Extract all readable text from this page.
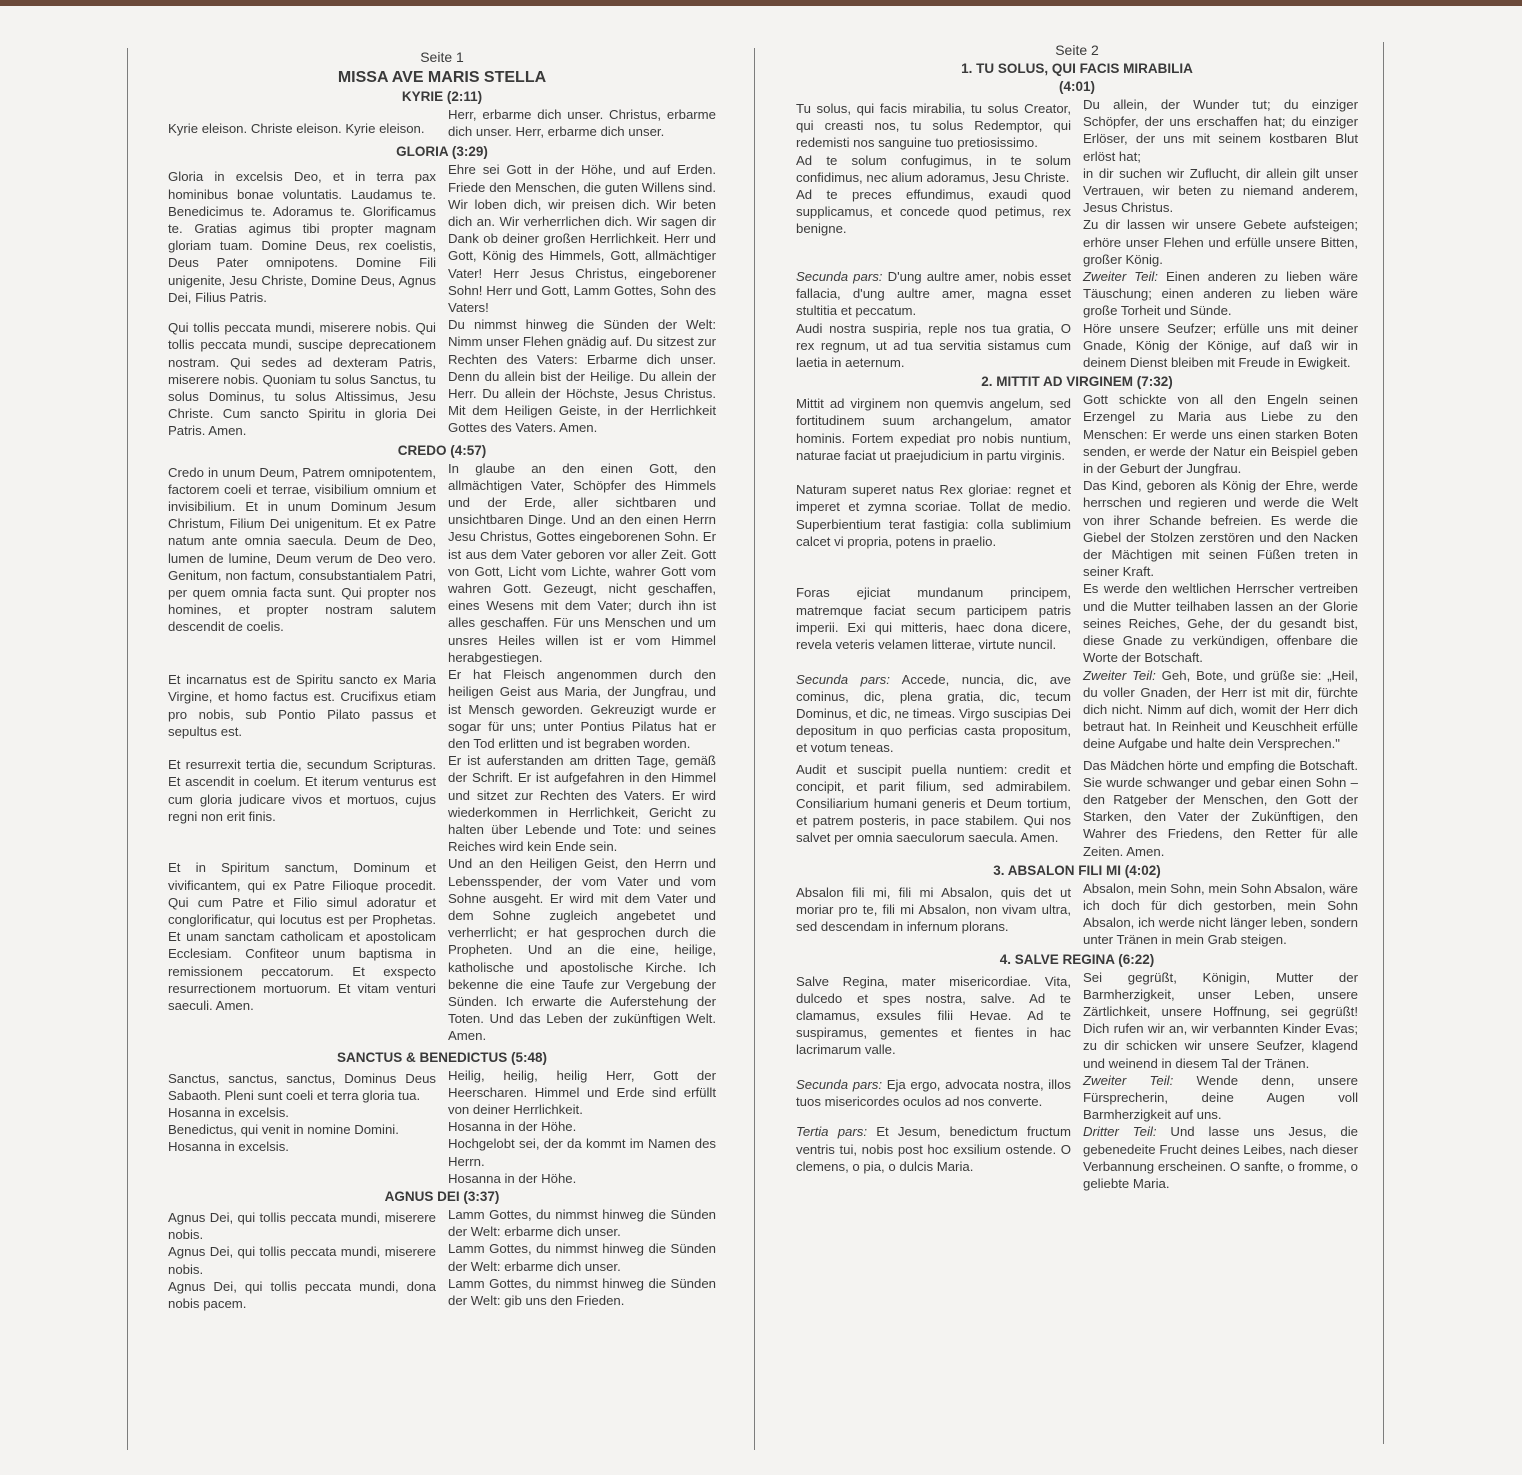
Seite 1

MISSA AVE MARIS STELLA

KYRIE (2:11)

Kyrie eleison. Christe eleison. Kyrie eleison.

Herr, erbarme dich unser. Christus, erbarme dich unser. Herr, erbarme dich unser.

GLORIA (3:29)

Gloria in excelsis Deo, et in terra pax hominibus bonae voluntatis. Laudamus te. Benedicimus te. Adoramus te. Glorificamus te. Gratias agimus tibi propter magnam gloriam tuam. Domine Deus, rex coelistis, Deus Pater omnipotens. Domine Fili unigenite, Jesu Christe, Domine Deus, Agnus Dei, Filius Patris.

Ehre sei Gott in der Höhe, und auf Erden. Friede den Menschen, die guten Willens sind. Wir loben dich, wir preisen dich. Wir beten dich an. Wir verherrlichen dich. Wir sagen dir Dank ob deiner großen Herrlichkeit. Herr und Gott, König des Himmels, Gott, allmächtiger Vater! Herr Jesus Christus, eingeborener Sohn! Herr und Gott, Lamm Gottes, Sohn des Vaters!

Qui tollis peccata mundi, miserere nobis. Qui tollis peccata mundi, suscipe deprecationem nostram. Qui sedes ad dexteram Patris, miserere nobis. Quoniam tu solus Sanctus, tu solus Dominus, tu solus Altissimus, Jesu Christe. Cum sancto Spiritu in gloria Dei Patris. Amen.

Du nimmst hinweg die Sünden der Welt: Nimm unser Flehen gnädig auf. Du sitzest zur Rechten des Vaters: Erbarme dich unser. Denn du allein bist der Heilige. Du allein der Herr. Du allein der Höchste, Jesus Christus. Mit dem Heiligen Geiste, in der Herrlichkeit Gottes des Vaters. Amen.

CREDO (4:57)

Credo in unum Deum, Patrem omnipotentem, factorem coeli et terrae, visibilium omnium et invisibilium. Et in unum Dominum Jesum Christum, Filium Dei unigenitum. Et ex Patre natum ante omnia saecula. Deum de Deo, lumen de lumine, Deum verum de Deo vero. Genitum, non factum, consubstantialem Patri, per quem omnia facta sunt. Qui propter nos homines, et propter nostram salutem descendit de coelis.

In glaube an den einen Gott, den allmächtigen Vater, Schöpfer des Himmels und der Erde, aller sichtbaren und unsichtbaren Dinge. Und an den einen Herrn Jesu Christus, Gottes eingeborenen Sohn. Er ist aus dem Vater geboren vor aller Zeit. Gott von Gott, Licht vom Lichte, wahrer Gott vom wahren Gott. Gezeugt, nicht geschaffen, eines Wesens mit dem Vater; durch ihn ist alles geschaffen. Für uns Menschen und um unsres Heiles willen ist er vom Himmel herabgestiegen.

Et incarnatus est de Spiritu sancto ex Maria Virgine, et homo factus est. Crucifixus etiam pro nobis, sub Pontio Pilato passus et sepultus est.

Er hat Fleisch angenommen durch den heiligen Geist aus Maria, der Jungfrau, und ist Mensch geworden. Gekreuzigt wurde er sogar für uns; unter Pontius Pilatus hat er den Tod erlitten und ist begraben worden.

Et resurrexit tertia die, secundum Scripturas. Et ascendit in coelum. Et iterum venturus est cum gloria judicare vivos et mortuos, cujus regni non erit finis.

Er ist auferstanden am dritten Tage, gemäß der Schrift. Er ist aufgefahren in den Himmel und sitzet zur Rechten des Vaters. Er wird wiederkommen in Herrlichkeit, Gericht zu halten über Lebende und Tote: und seines Reiches wird kein Ende sein.

Et in Spiritum sanctum, Dominum et vivificantem, qui ex Patre Filioque procedit. Qui cum Patre et Filio simul adoratur et conglorificatur, qui locutus est per Prophetas. Et unam sanctam catholicam et apostolicam Ecclesiam. Confiteor unum baptisma in remissionem peccatorum. Et exspecto resurrectionem mortuorum. Et vitam venturi saeculi. Amen.

Und an den Heiligen Geist, den Herrn und Lebensspender, der vom Vater und vom Sohne ausgeht. Er wird mit dem Vater und dem Sohne zugleich angebetet und verherrlicht; er hat gesprochen durch die Propheten. Und an die eine, heilige, katholische und apostolische Kirche. Ich bekenne die eine Taufe zur Vergebung der Sünden. Ich erwarte die Auferstehung der Toten. Und das Leben der zukünftigen Welt. Amen.

SANCTUS & BENEDICTUS (5:48)

Sanctus, sanctus, sanctus, Dominus Deus Sabaoth. Pleni sunt coeli et terra gloria tua.
Hosanna in excelsis.
Benedictus, qui venit in nomine Domini.
Hosanna in excelsis.

Heilig, heilig, heilig Herr, Gott der Heerscharen. Himmel und Erde sind erfüllt von deiner Herrlichkeit.
Hosanna in der Höhe.
Hochgelobt sei, der da kommt im Namen des Herrn.
Hosanna in der Höhe.

AGNUS DEI (3:37)

Agnus Dei, qui tollis peccata mundi, miserere nobis.
Agnus Dei, qui tollis peccata mundi, miserere nobis.
Agnus Dei, qui tollis peccata mundi, dona nobis pacem.

Lamm Gottes, du nimmst hinweg die Sünden der Welt: erbarme dich unser.
Lamm Gottes, du nimmst hinweg die Sünden der Welt: erbarme dich unser.
Lamm Gottes, du nimmst hinweg die Sünden der Welt: gib uns den Frieden.

Seite 2

1. TU SOLUS, QUI FACIS MIRABILIA

(4:01)

Tu solus, qui facis mirabilia, tu solus Creator, qui creasti nos, tu solus Redemptor, qui redemisti nos sanguine tuo pretiosissimo.
Ad te solum confugimus, in te solum confidimus, nec alium adoramus, Jesu Christe.
Ad te preces effundimus, exaudi quod supplicamus, et concede quod petimus, rex benigne.

Du allein, der Wunder tut; du einziger Schöpfer, der uns erschaffen hat; du einziger Erlöser, der uns mit seinem kostbaren Blut erlöst hat;
in dir suchen wir Zuflucht, dir allein gilt unser Vertrauen, wir beten zu niemand anderem, Jesus Christus.
Zu dir lassen wir unsere Gebete aufsteigen; erhöre unser Flehen und erfülle unsere Bitten, großer König.

Secunda pars: D'ung aultre amer, nobis esset fallacia, d'ung aultre amer, magna esset stultitia et peccatum.
Audi nostra suspiria, reple nos tua gratia, O rex regnum, ut ad tua servitia sistamus cum laetia in aeternum.

Zweiter Teil: Einen anderen zu lieben wäre Täuschung; einen anderen zu lieben wäre große Torheit und Sünde.
Höre unsere Seufzer; erfülle uns mit deiner Gnade, König der Könige, auf daß wir in deinem Dienst bleiben mit Freude in Ewigkeit.

2. MITTIT AD VIRGINEM (7:32)

Mittit ad virginem non quemvis angelum, sed fortitudinem suum archangelum, amator hominis. Fortem expediat pro nobis nuntium, naturae faciat ut praejudicium in partu virginis.

Gott schickte von all den Engeln seinen Erzengel zu Maria aus Liebe zu den Menschen: Er werde uns einen starken Boten senden, er werde der Natur ein Beispiel geben in der Geburt der Jungfrau.

Naturam superet natus Rex gloriae: regnet et imperet et zymna scoriae. Tollat de medio. Superbientium terat fastigia: colla sublimium calcet vi propria, potens in praelio.

Das Kind, geboren als König der Ehre, werde herrschen und regieren und werde die Welt von ihrer Schande befreien. Es werde die Giebel der Stolzen zerstören und den Nacken der Mächtigen mit seinen Füßen treten in seiner Kraft.

Foras ejiciat mundanum principem, matremque faciat secum participem patris imperii. Exi qui mitteris, haec dona dicere, revela veteris velamen litterae, virtute nuncil.

Es werde den weltlichen Herrscher vertreiben und die Mutter teilhaben lassen an der Glorie seines Reiches, Gehe, der du gesandt bist, diese Gnade zu verkündigen, offenbare die Worte der Botschaft.

Secunda pars: Accede, nuncia, dic, ave cominus, dic, plena gratia, dic, tecum Dominus, et dic, ne timeas. Virgo suscipias Dei depositum in quo perficias casta propositum, et votum teneas.

Zweiter Teil: Geh, Bote, und grüße sie: „Heil, du voller Gnaden, der Herr ist mit dir, fürchte dich nicht. Nimm auf dich, womit der Herr dich betraut hat. In Reinheit und Keuschheit erfülle deine Aufgabe und halte dein Versprechen."

Audit et suscipit puella nuntiem: credit et concipit, et parit filium, sed admirabilem. Consiliarium humani generis et Deum tortium, et patrem posteris, in pace stabilem. Qui nos salvet per omnia saeculorum saecula. Amen.

Das Mädchen hörte und empfing die Botschaft. Sie wurde schwanger und gebar einen Sohn – den Ratgeber der Menschen, den Gott der Starken, den Vater der Zukünftigen, den Wahrer des Friedens, den Retter für alle Zeiten. Amen.

3. ABSALON FILI MI (4:02)

Absalon fili mi, fili mi Absalon, quis det ut moriar pro te, fili mi Absalon, non vivam ultra, sed descendam in infernum plorans.

Absalon, mein Sohn, mein Sohn Absalon, wäre ich doch für dich gestorben, mein Sohn Absalon, ich werde nicht länger leben, sondern unter Tränen in mein Grab steigen.

4. SALVE REGINA (6:22)

Salve Regina, mater misericordiae. Vita, dulcedo et spes nostra, salve. Ad te clamamus, exsules filii Hevae. Ad te suspiramus, gementes et fientes in hac lacrimarum valle.

Sei gegrüßt, Königin, Mutter der Barmherzigkeit, unser Leben, unsere Zärtlichkeit, unsere Hoffnung, sei gegrüßt! Dich rufen wir an, wir verbannten Kinder Evas; zu dir schicken wir unsere Seufzer, klagend und weinend in diesem Tal der Tränen.

Secunda pars: Eja ergo, advocata nostra, illos tuos misericordes oculos ad nos converte.

Zweiter Teil: Wende denn, unsere Fürsprecherin, deine Augen voll Barmherzigkeit auf uns.

Tertia pars: Et Jesum, benedictum fructum ventris tui, nobis post hoc exsilium ostende. O clemens, o pia, o dulcis Maria.

Dritter Teil: Und lasse uns Jesus, die gebenedeite Frucht deines Leibes, nach dieser Verbannung erscheinen. O sanfte, o fromme, o geliebte Maria.
